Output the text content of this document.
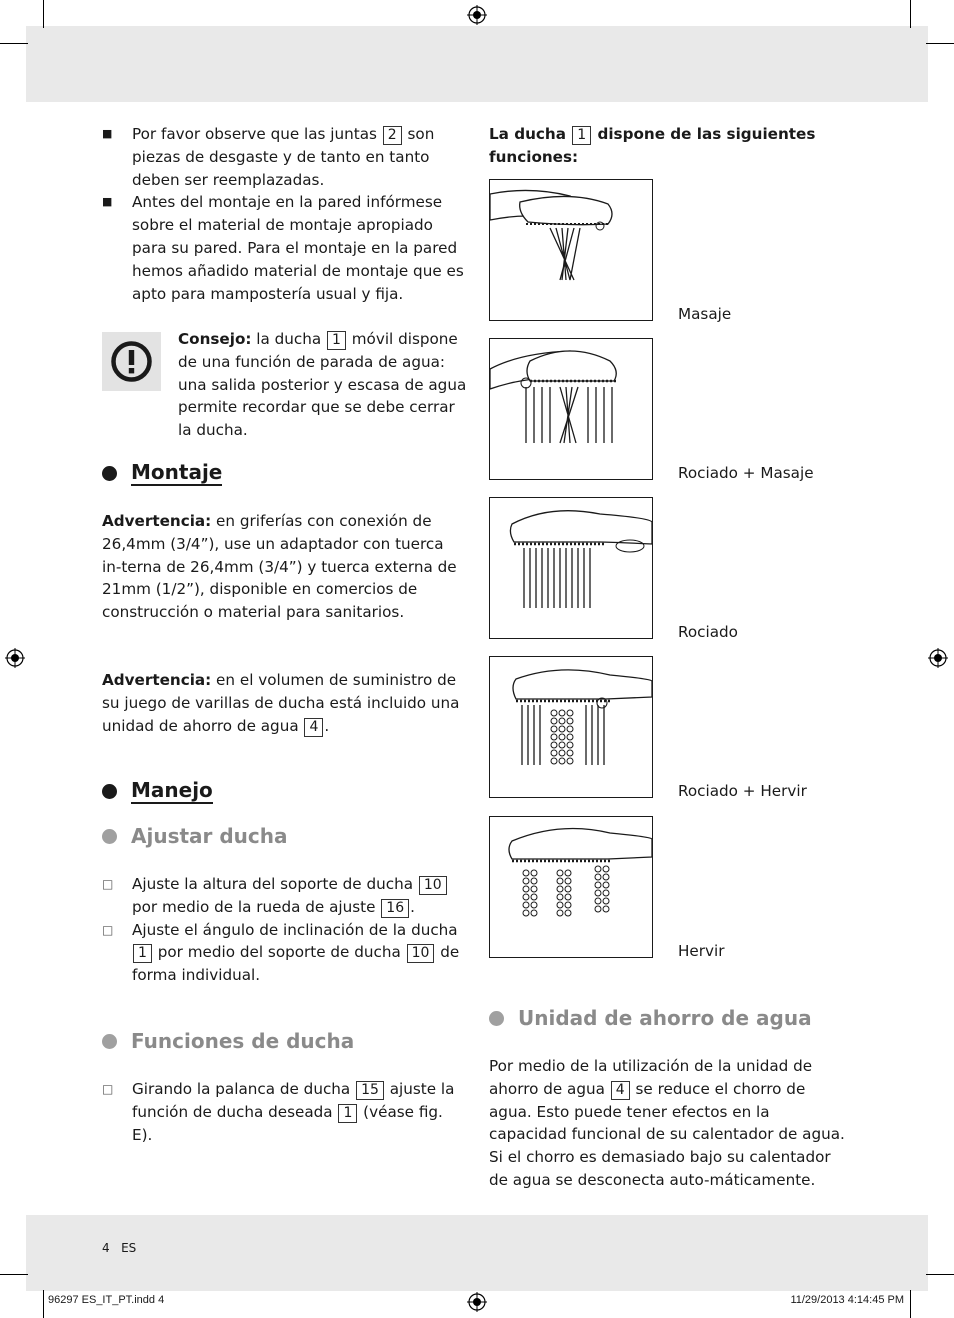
■ Por favor observe que las juntas 2 son piezas de desgaste y de tanto en tanto deben ser reemplazadas.
■ Antes del montaje en la pared infórmese sobre el material de montaje apropiado para su pared. Para el montaje en la pared hemos añadido material de montaje que es apto para mampostería usual y fija.
Consejo: la ducha 1 móvil dispone de una función de parada de agua: una salida posterior y escasa de agua permite recordar que se debe cerrar la ducha.
Montaje
Advertencia: en griferías con conexión de 26,4mm (3/4”), use un adaptador con tuerca in-terna de 26,4mm (3/4”) y tuerca externa de 21mm (1/2”), disponible en comercios de construcción o material para sanitarios.
Advertencia: en el volumen de suministro de su juego de varillas de ducha está incluido una unidad de ahorro de agua 4 .
Manejo
Ajustar ducha
□ Ajuste la altura del soporte de ducha 10 por medio de la rueda de ajuste 16 .
□ Ajuste el ángulo de inclinación de la ducha 1 por medio del soporte de ducha 10 de forma individual.
Funciones de ducha
□ Girando la palanca de ducha 15 ajuste la función de ducha deseada 1 (véase fig. E).
La ducha 1 dispone de las siguientes funciones:
Masaje
Rociado + Masaje
Rociado
Rociado + Hervir
Hervir
Unidad de ahorro de agua
Por medio de la utilización de la unidad de ahorro de agua 4 se reduce el chorro de agua. Esto puede tener efectos en la capacidad funcional de su calentador de agua. Si el chorro es demasiado bajo su calentador de agua se desconecta auto-máticamente.
4 ES
96297 ES_IT_PT.indd 4	11/29/2013 4:14:45 PM
